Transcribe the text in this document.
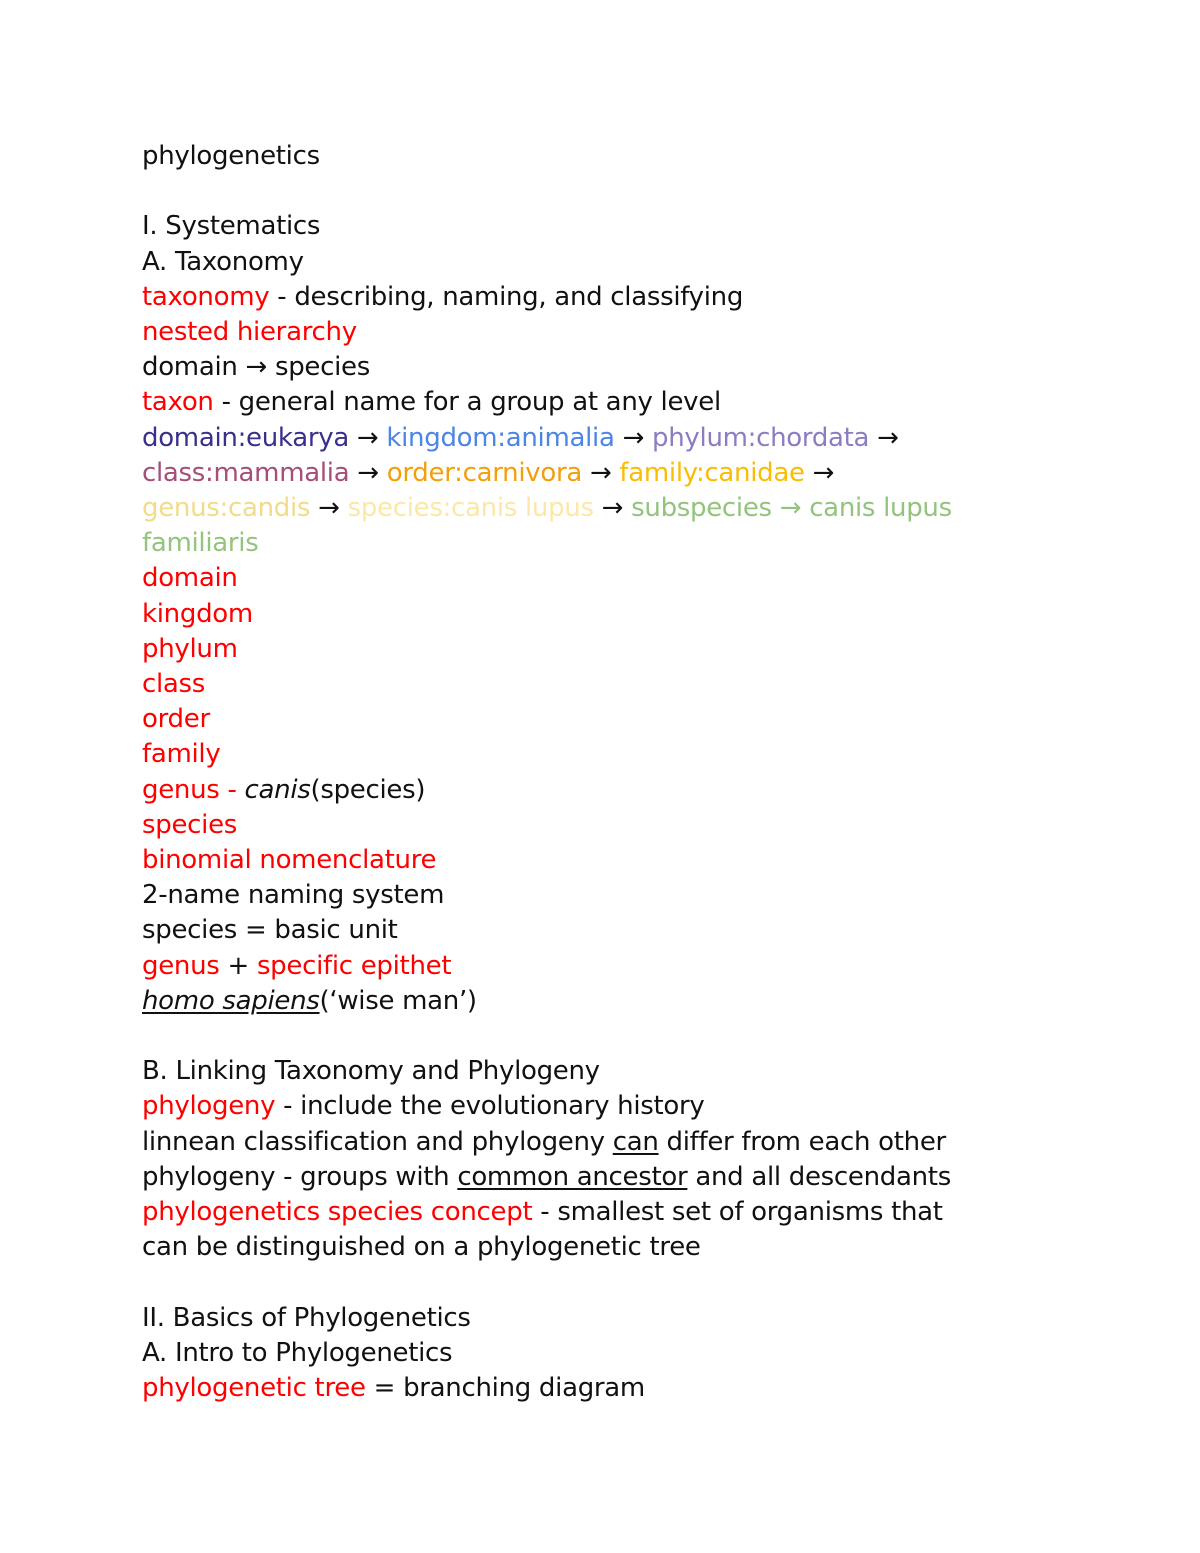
phylogenetics
I. Systematics
A. Taxonomy
taxonomy - describing, naming, and classifying
nested hierarchy
domain → species
taxon - general name for a group at any level
domain:eukarya → kingdom:animalia → phylum:chordata →
class:mammalia → order:carnivora → family:canidae →
genus:candis → species:canis lupus → subspecies → canis lupus
familiaris
domain
kingdom
phylum
class
order
family
genus - canis(species)
species
binomial nomenclature
2-name naming system
species = basic unit
genus + specific epithet
homo sapiens(‘wise man’)
B. Linking Taxonomy and Phylogeny
phylogeny - include the evolutionary history
linnean classification and phylogeny can differ from each other
phylogeny - groups with common ancestor and all descendants
phylogenetics species concept - smallest set of organisms that
can be distinguished on a phylogenetic tree
II. Basics of Phylogenetics
A. Intro to Phylogenetics
phylogenetic tree = branching diagram
